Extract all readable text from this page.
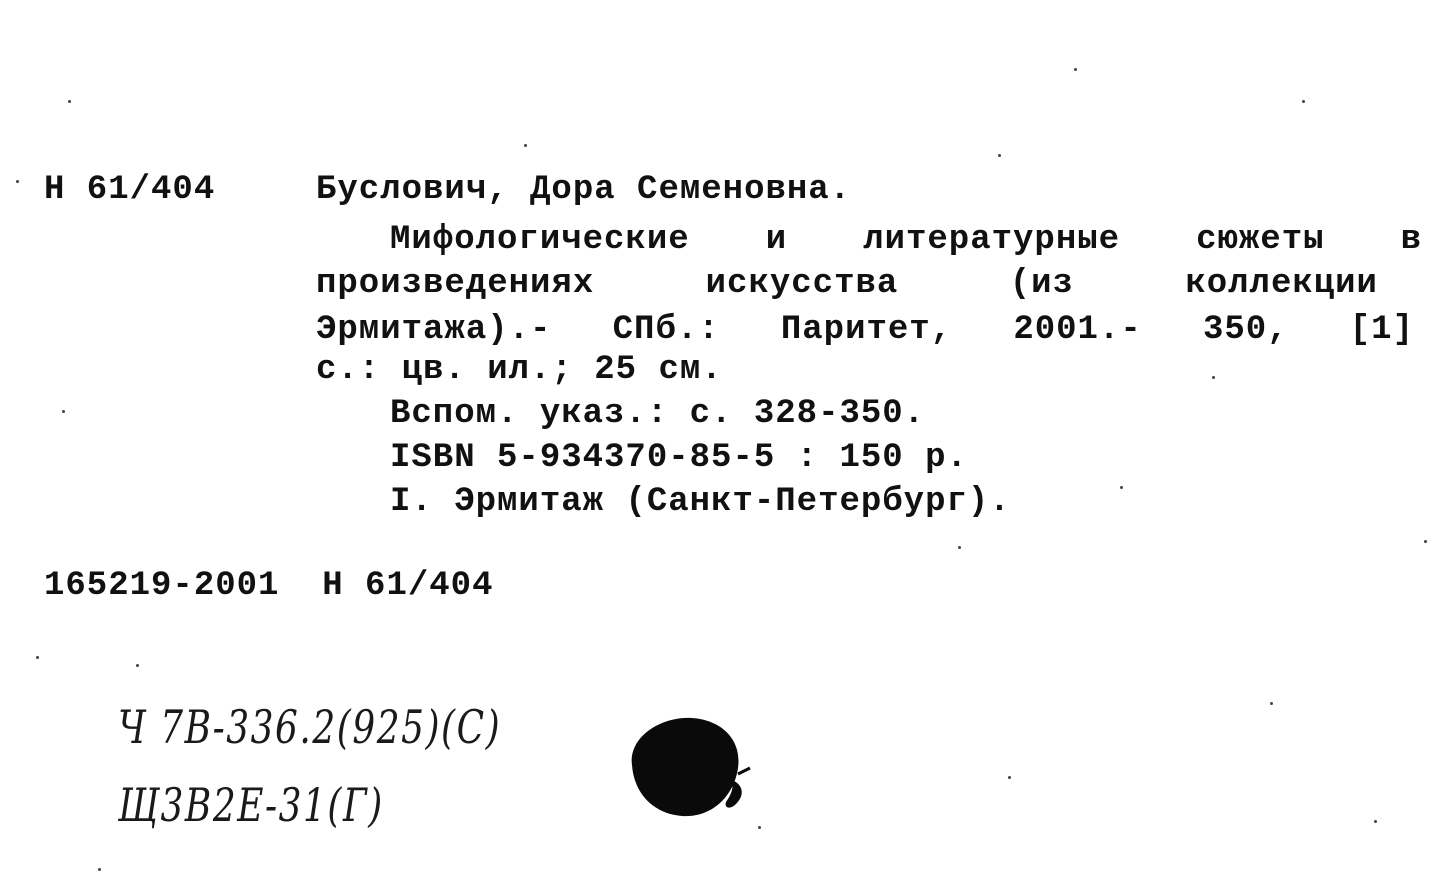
Н 61/404	Буслович, Дора Семеновна.
Мифологические и литературные сюжеты в
произведениях	искусства	(из	коллекции
Эрмитажа).- СПб.: Паритет, 2001.- 350, [1]
с.: цв. ил.; 25 см.
Вспом. указ.: с. 328-350.
ISBN 5-934370-85-5 : 150 р.
I. Эрмитаж (Санкт-Петербург).
165219-2001  Н 61/404
Ч 7В-336.2(925)(С)
Щ3В2Е-31(Г)
